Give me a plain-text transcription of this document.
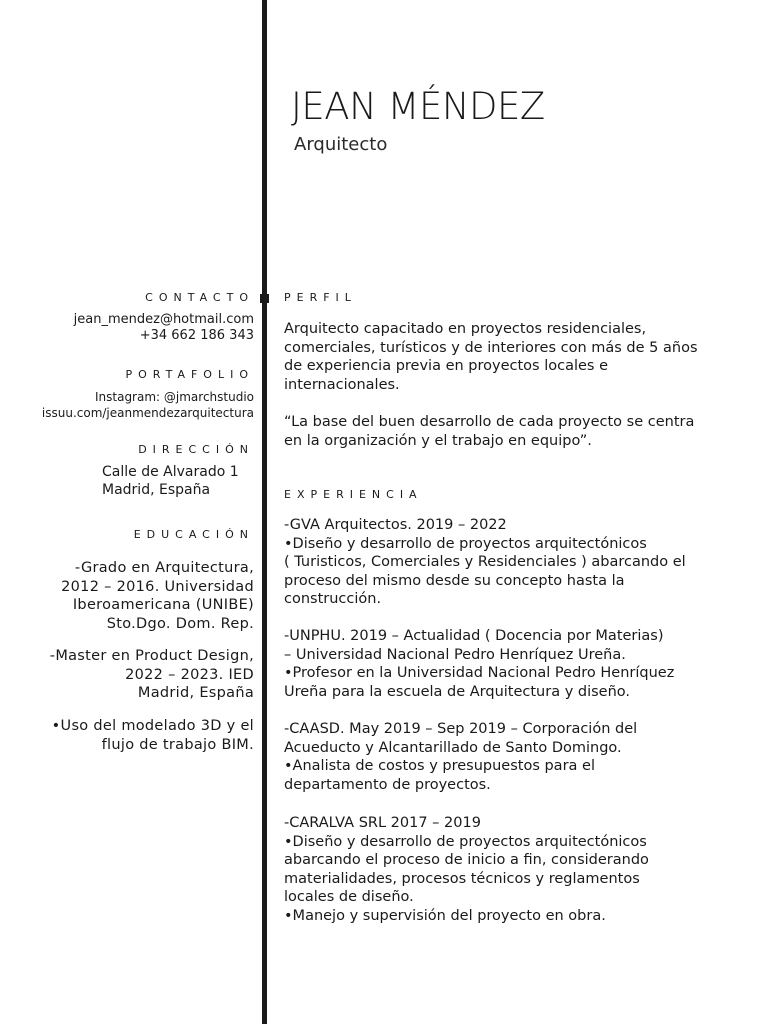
JEAN MÉNDEZ
Arquitecto
CONTACTO
jean_mendez@hotmail.com
+34 662 186 343
PORTAFOLIO
Instagram: @jmarchstudio
issuu.com/jeanmendezarquitectura
DIRECCIÓN
Calle de Alvarado 1
Madrid, España
EDUCACIÓN
-Grado en Arquitectura,
2012 – 2016. Universidad
Iberoamericana (UNIBE)
Sto.Dgo. Dom. Rep.
-Master en Product Design,
2022 – 2023. IED
Madrid, España
•Uso del modelado 3D y el
flujo de trabajo BIM.
PERFIL
Arquitecto capacitado en proyectos residenciales,
comerciales, turísticos y de interiores con más de 5 años
de experiencia previa en proyectos locales e
internacionales.
“La base del buen desarrollo de cada proyecto se centra
en la organización y el trabajo en equipo”.
EXPERIENCIA
-GVA Arquitectos. 2019 – 2022
•Diseño y desarrollo de proyectos arquitectónicos
( Turisticos, Comerciales y Residenciales ) abarcando el
proceso del mismo desde su concepto hasta la
construcción.
-UNPHU. 2019 – Actualidad ( Docencia por Materias)
– Universidad Nacional Pedro Henríquez Ureña.
•Profesor en la Universidad Nacional Pedro Henríquez
Ureña para la escuela de Arquitectura y diseño.
-CAASD. May 2019 – Sep 2019 – Corporación del
Acueducto y Alcantarillado de Santo Domingo.
•Analista de costos y presupuestos para el
departamento de proyectos.
-CARALVA SRL 2017 – 2019
•Diseño y desarrollo de proyectos arquitectónicos
abarcando el proceso de inicio a fin, considerando
materialidades, procesos técnicos y reglamentos
locales de diseño.
•Manejo y supervisión del proyecto en obra.
